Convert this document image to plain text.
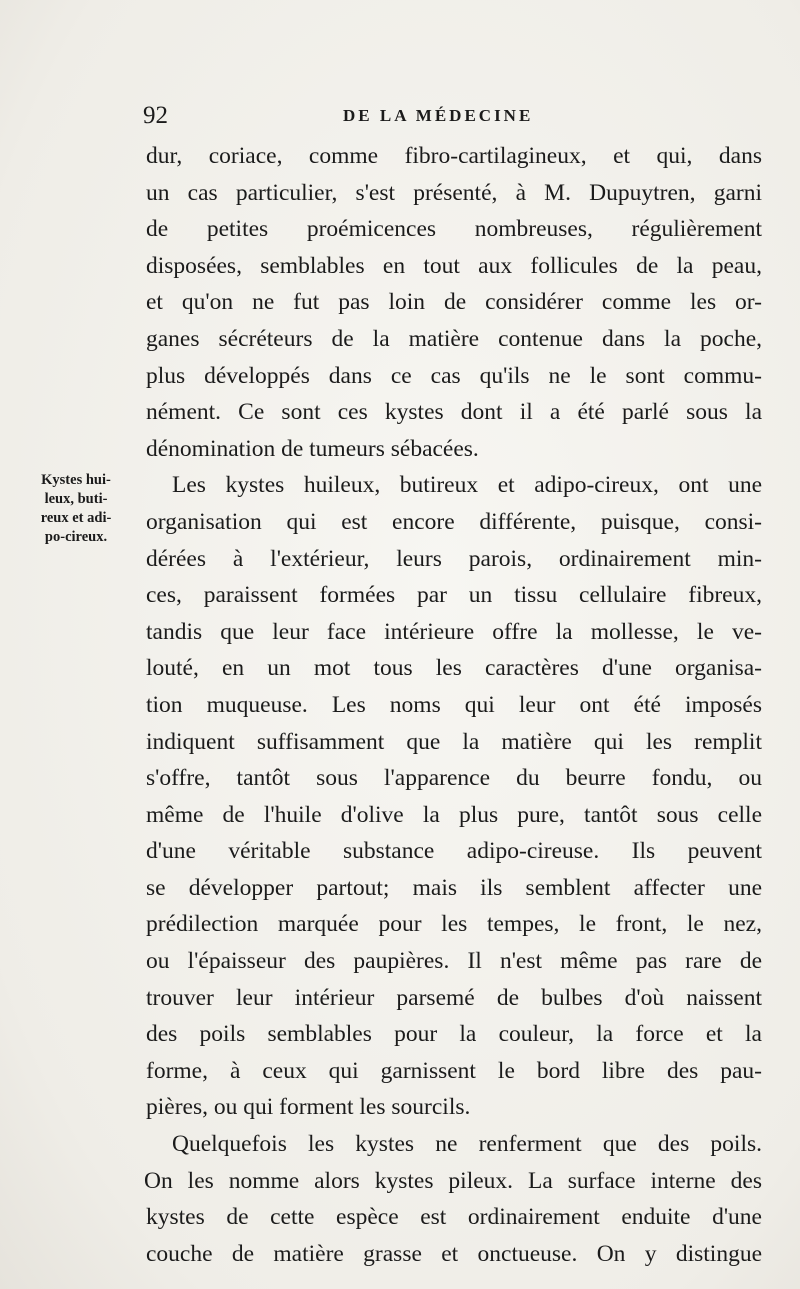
92	DE LA MÉDECINE
Kystes hui-
leux, buti-
reux et adi-
po-cireux.
dur, coriace, comme fibro-cartilagineux, et qui, dans
un cas particulier, s'est présenté, à M. Dupuytren, garni
de petites proémicences nombreuses, régulièrement
disposées, semblables en tout aux follicules de la peau,
et qu'on ne fut pas loin de considérer comme les or-
ganes sécréteurs de la matière contenue dans la poche,
plus développés dans ce cas qu'ils ne le sont commu-
nément. Ce sont ces kystes dont il a été parlé sous la
dénomination de tumeurs sébacées.
Les kystes huileux, butireux et adipo-cireux, ont une
organisation qui est encore différente, puisque, consi-
dérées à l'extérieur, leurs parois, ordinairement min-
ces, paraissent formées par un tissu cellulaire fibreux,
tandis que leur face intérieure offre la mollesse, le ve-
louté, en un mot tous les caractères d'une organisa-
tion muqueuse. Les noms qui leur ont été imposés
indiquent suffisamment que la matière qui les remplit
s'offre, tantôt sous l'apparence du beurre fondu, ou
même de l'huile d'olive la plus pure, tantôt sous celle
d'une véritable substance adipo-cireuse. Ils peuvent
se développer partout; mais ils semblent affecter une
prédilection marquée pour les tempes, le front, le nez,
ou l'épaisseur des paupières. Il n'est même pas rare de
trouver leur intérieur parsemé de bulbes d'où naissent
des poils semblables pour la couleur, la force et la
forme, à ceux qui garnissent le bord libre des pau-
pières, ou qui forment les sourcils.
Quelquefois les kystes ne renferment que des poils.
On les nomme alors kystes pileux. La surface interne des
kystes de cette espèce est ordinairement enduite d'une
couche de matière grasse et onctueuse. On y distingue
